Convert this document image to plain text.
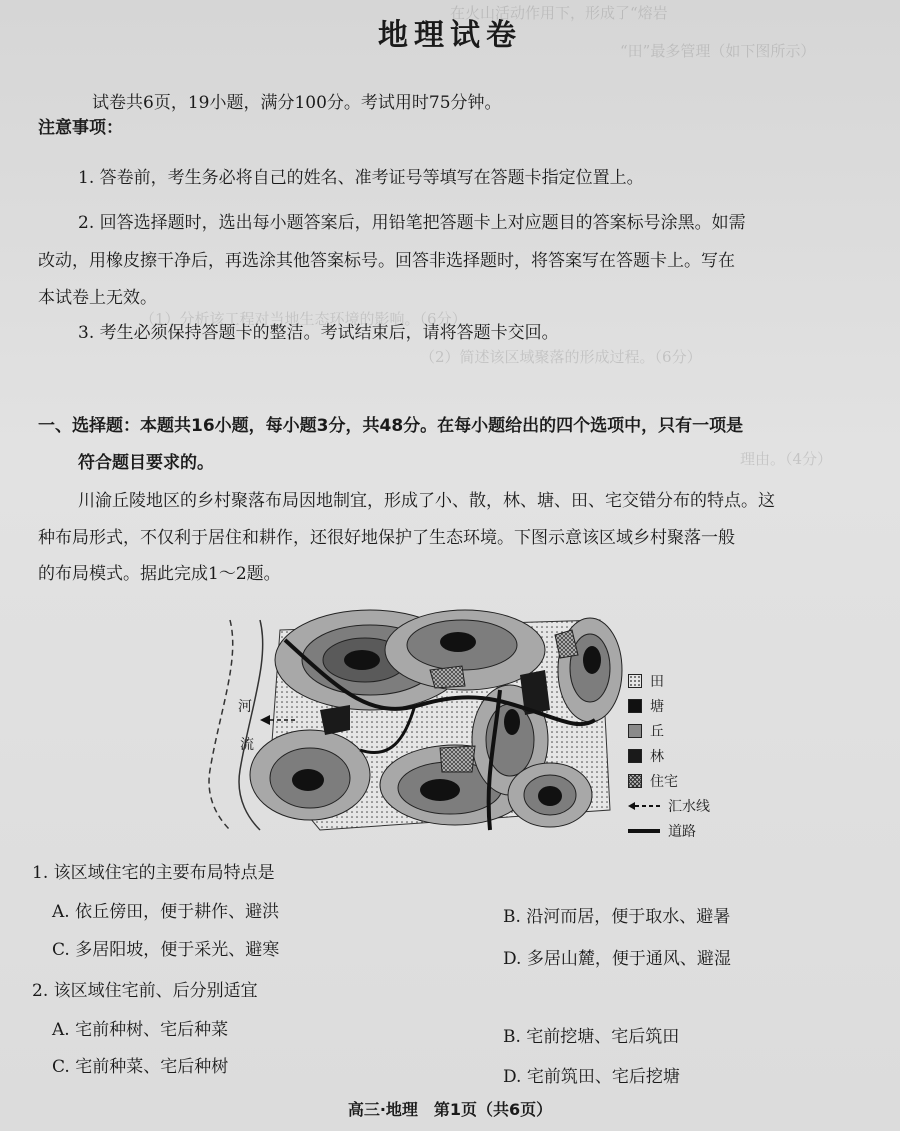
在火山活动作用下，形成了“熔岩
“田”最多管理（如下图所示）
地理试卷
试卷共6页，19小题，满分100分。考试用时75分钟。
注意事项：
1. 答卷前，考生务必将自己的姓名、准考证号等填写在答题卡指定位置上。
2. 回答选择题时，选出每小题答案后，用铅笔把答题卡上对应题目的答案标号涂黑。如需
改动，用橡皮擦干净后，再选涂其他答案标号。回答非选择题时，将答案写在答题卡上。写在
本试卷上无效。
（1）分析该工程对当地生态环境的影响。（6分）
3. 考生必须保持答题卡的整洁。考试结束后，请将答题卡交回。
（2）简述该区域聚落的形成过程。（6分）
一、选择题：本题共16小题，每小题3分，共48分。在每小题给出的四个选项中，只有一项是
符合题目要求的。	理由。（4分）
川渝丘陵地区的乡村聚落布局因地制宜，形成了小、散，林、塘、田、宅交错分布的特点。这
种布局形式，不仅利于居住和耕作，还很好地保护了生态环境。下图示意该区域乡村聚落一般
的布局模式。据此完成1～2题。
河
流
田
塘
丘
林
住宅
汇水线
道路
1. 该区域住宅的主要布局特点是
A. 依丘傍田，便于耕作、避洪	B. 沿河而居，便于取水、避暑
C. 多居阳坡，便于采光、避寒	D. 多居山麓，便于通风、避湿
2. 该区域住宅前、后分别适宜
A. 宅前种树、宅后种菜	B. 宅前挖塘、宅后筑田
C. 宅前种菜、宅后种树	D. 宅前筑田、宅后挖塘
高三·地理　第1页（共6页）
